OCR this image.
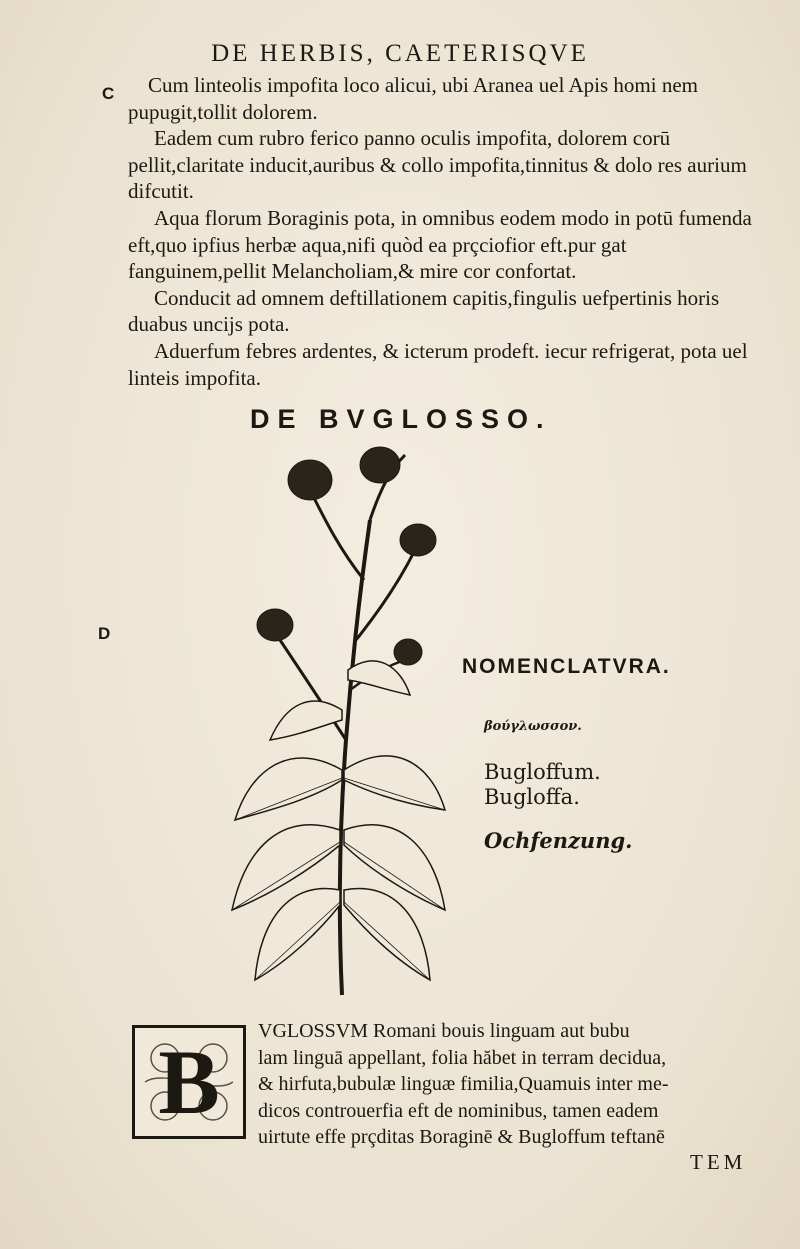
DE HERBIS, CAETERISQVE
C
D

Cum linteolis impofita loco alicui, ubi Aranea uel Apis homi nem pupugit,tollit dolorem.

Eadem cum rubro ferico panno oculis impofita, dolorem corū pellit,claritate inducit,auribus & collo impofita,tinnitus & dolo res aurium difcutit.

Aqua florum Boraginis pota, in omnibus eodem modo in potū fumenda eft,quo ipfius herbæ aqua,nifi quòd ea prçciofior eft.pur gat fanguinem,pellit Melancholiam,& mire cor confortat.

Conducit ad omnem deftillationem capitis,fingulis uefpertinis horis duabus uncijs pota.

Aduerfum febres ardentes, & icterum prodeft. iecur refrigerat, pota uel linteis impofita.

DE BVGLOSSO.
NOMENCLATVRA.
βούγλωσσον.
Bugloffum.
Bugloffa.
Ochfenzung.
B	VGLOSSVM Romani bouis linguam aut bubu

lam linguā appellant, folia hăbet in terram decidua,

& hirfuta,bubulæ linguæ fimilia,Quamuis inter me-

dicos controuerfia eft de nominibus, tamen eadem

uirtute effe prçditas Boraginē & Bugloffum teftanē

TEM
